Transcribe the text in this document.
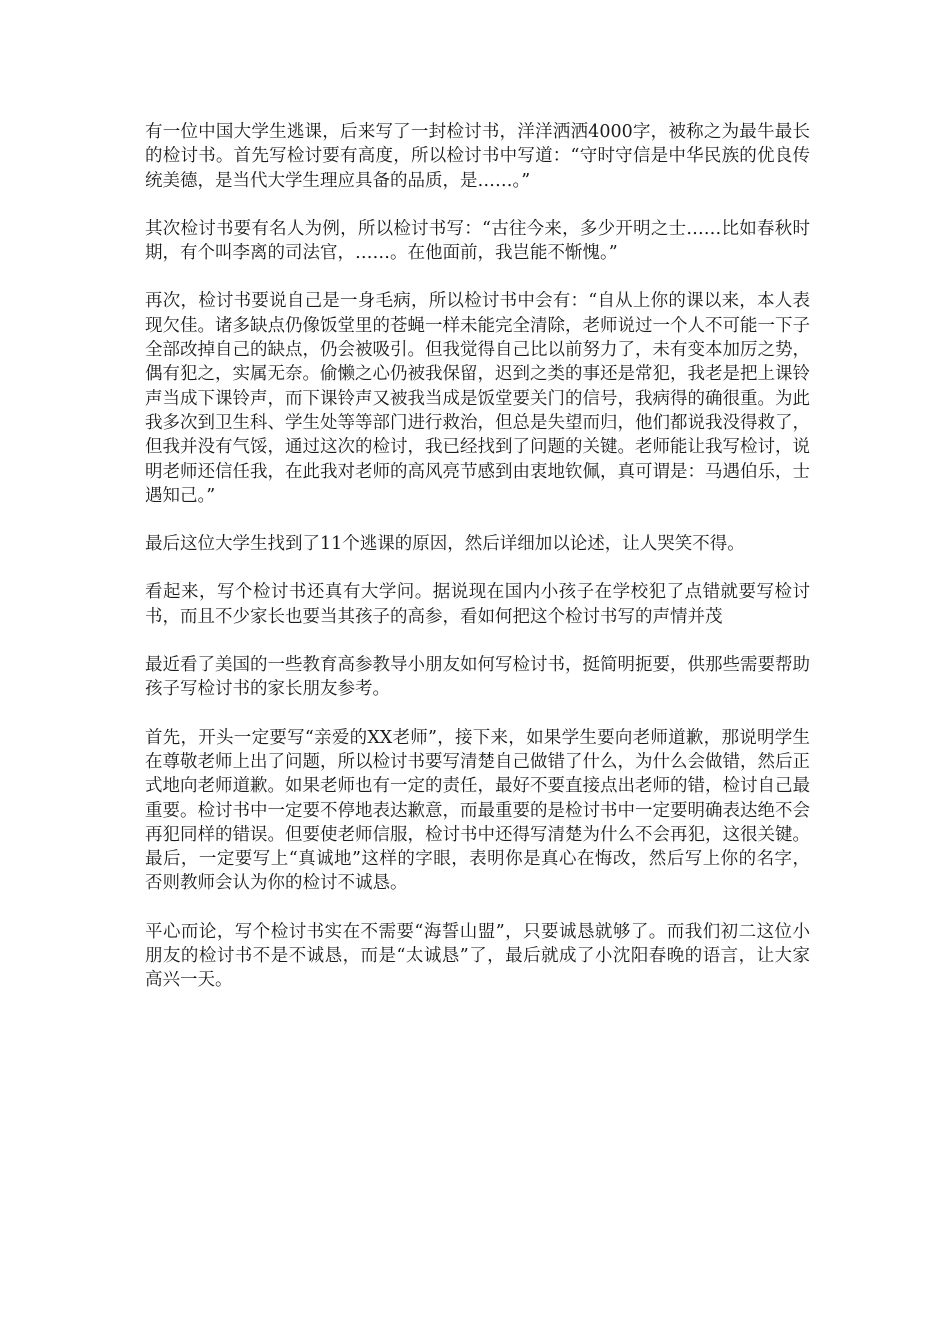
有一位中国大学生逃课，后来写了一封检讨书，洋洋洒洒4000字，被称之为最牛最长的检讨书。首先写检讨要有高度，所以检讨书中写道：“守时守信是中华民族的优良传统美德，是当代大学生理应具备的品质，是……。”

其次检讨书要有名人为例，所以检讨书写：“古往今来，多少开明之士……比如春秋时期，有个叫李离的司法官，……。在他面前，我岂能不惭愧。”

再次，检讨书要说自己是一身毛病，所以检讨书中会有：“自从上你的课以来，本人表现欠佳。诸多缺点仍像饭堂里的苍蝇一样未能完全清除，老师说过一个人不可能一下子全部改掉自己的缺点，仍会被吸引。但我觉得自己比以前努力了，未有变本加厉之势，偶有犯之，实属无奈。偷懒之心仍被我保留，迟到之类的事还是常犯，我老是把上课铃声当成下课铃声，而下课铃声又被我当成是饭堂要关门的信号，我病得的确很重。为此我多次到卫生科、学生处等等部门进行救治，但总是失望而归，他们都说我没得救了，但我并没有气馁，通过这次的检讨，我已经找到了问题的关键。老师能让我写检讨，说明老师还信任我，在此我对老师的高风亮节感到由衷地钦佩，真可谓是：马遇伯乐，士遇知己。”

最后这位大学生找到了11个逃课的原因，然后详细加以论述，让人哭笑不得。

看起来，写个检讨书还真有大学问。据说现在国内小孩子在学校犯了点错就要写检讨书，而且不少家长也要当其孩子的高参，看如何把这个检讨书写的声情并茂

最近看了美国的一些教育高参教导小朋友如何写检讨书，挺简明扼要，供那些需要帮助孩子写检讨书的家长朋友参考。

首先，开头一定要写“亲爱的XX老师”，接下来，如果学生要向老师道歉，那说明学生在尊敬老师上出了问题，所以检讨书要写清楚自己做错了什么，为什么会做错，然后正式地向老师道歉。如果老师也有一定的责任，最好不要直接点出老师的错，检讨自己最重要。检讨书中一定要不停地表达歉意，而最重要的是检讨书中一定要明确表达绝不会再犯同样的错误。但要使老师信服，检讨书中还得写清楚为什么不会再犯，这很关键。最后，一定要写上“真诚地”这样的字眼，表明你是真心在悔改，然后写上你的名字，否则教师会认为你的检讨不诚恳。

平心而论，写个检讨书实在不需要“海誓山盟”，只要诚恳就够了。而我们初二这位小朋友的检讨书不是不诚恳，而是“太诚恳”了，最后就成了小沈阳春晚的语言，让大家高兴一天。
